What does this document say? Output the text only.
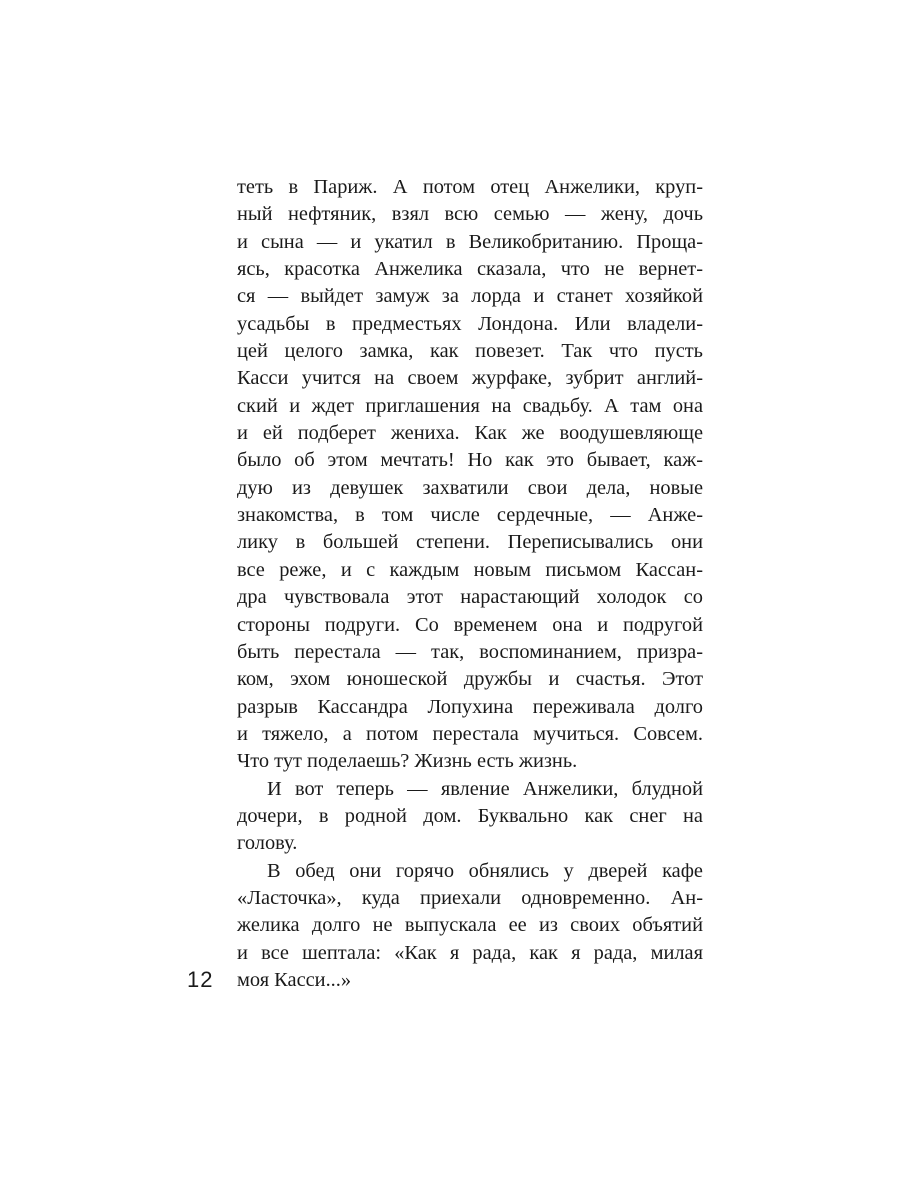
теть в Париж. А потом отец Анжелики, круп-
ный нефтяник, взял всю семью — жену, дочь
и сына — и укатил в Великобританию. Проща-
ясь, красотка Анжелика сказала, что не вернет-
ся — выйдет замуж за лорда и станет хозяйкой
усадьбы в предместьях Лондона. Или владели-
цей целого замка, как повезет. Так что пусть
Касси учится на своем журфаке, зубрит англий-
ский и ждет приглашения на свадьбу. А там она
и ей подберет жениха. Как же воодушевляюще
было об этом мечтать! Но как это бывает, каж-
дую из девушек захватили свои дела, новые
знакомства, в том числе сердечные, — Анже-
лику в большей степени. Переписывались они
все реже, и с каждым новым письмом Кассан-
дра чувствовала этот нарастающий холодок со
стороны подруги. Со временем она и подругой
быть перестала — так, воспоминанием, призра-
ком, эхом юношеской дружбы и счастья. Этот
разрыв Кассандра Лопухина переживала долго
и тяжело, а потом перестала мучиться. Совсем.
Что тут поделаешь? Жизнь есть жизнь.
И вот теперь — явление Анжелики, блудной
дочери, в родной дом. Буквально как снег на
голову.
В обед они горячо обнялись у дверей кафе
«Ласточка», куда приехали одновременно. Ан-
желика долго не выпускала ее из своих объятий
и все шептала: «Как я рада, как я рада, милая
моя Касси...»
12
